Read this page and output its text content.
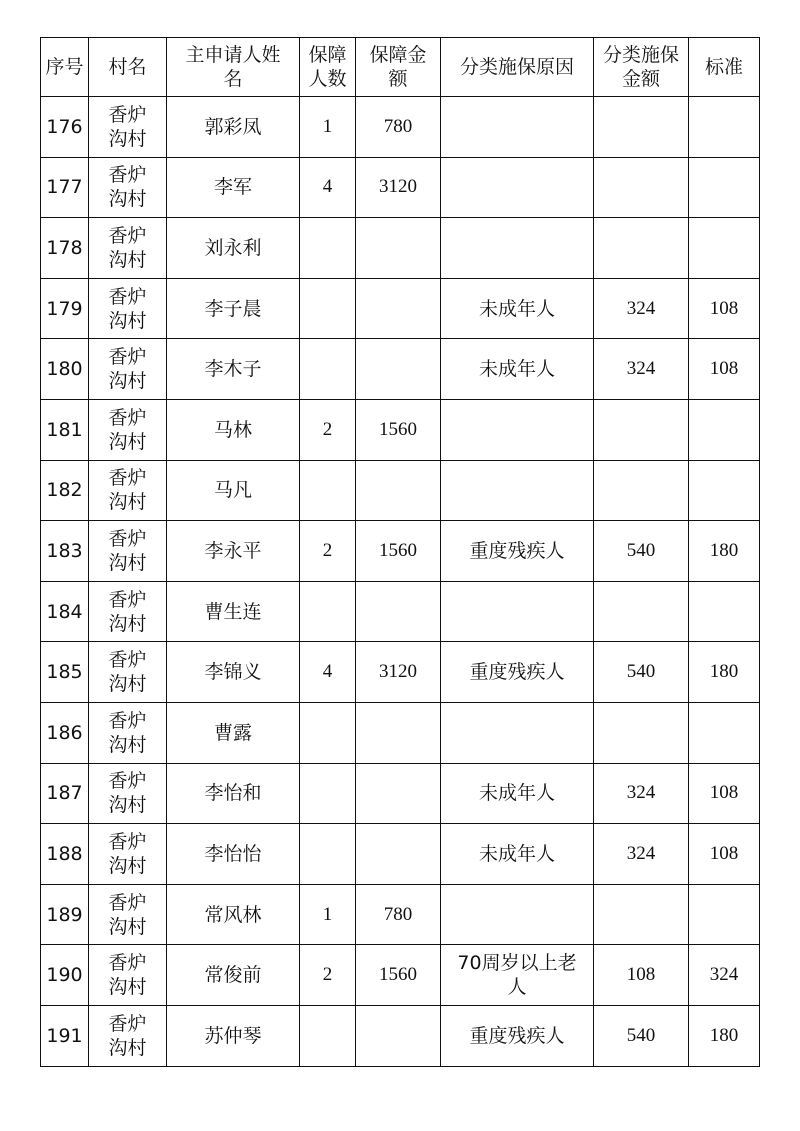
序号	村名	主申请人姓名	保障人数	保障金额	分类施保原因	分类施保金额	标准
176	香炉沟村	郭彩凤	1	780			
177	香炉沟村	李军	4	3120			
178	香炉沟村	刘永利					
179	香炉沟村	李子晨			未成年人	324	108
180	香炉沟村	李木子			未成年人	324	108
181	香炉沟村	马林	2	1560			
182	香炉沟村	马凡					
183	香炉沟村	李永平	2	1560	重度残疾人	540	180
184	香炉沟村	曹生连					
185	香炉沟村	李锦义	4	3120	重度残疾人	540	180
186	香炉沟村	曹露					
187	香炉沟村	李怡和			未成年人	324	108
188	香炉沟村	李怡怡			未成年人	324	108
189	香炉沟村	常风林	1	780			
190	香炉沟村	常俊前	2	1560	70周岁以上老人	108	324
191	香炉沟村	苏仲琴			重度残疾人	540	180
